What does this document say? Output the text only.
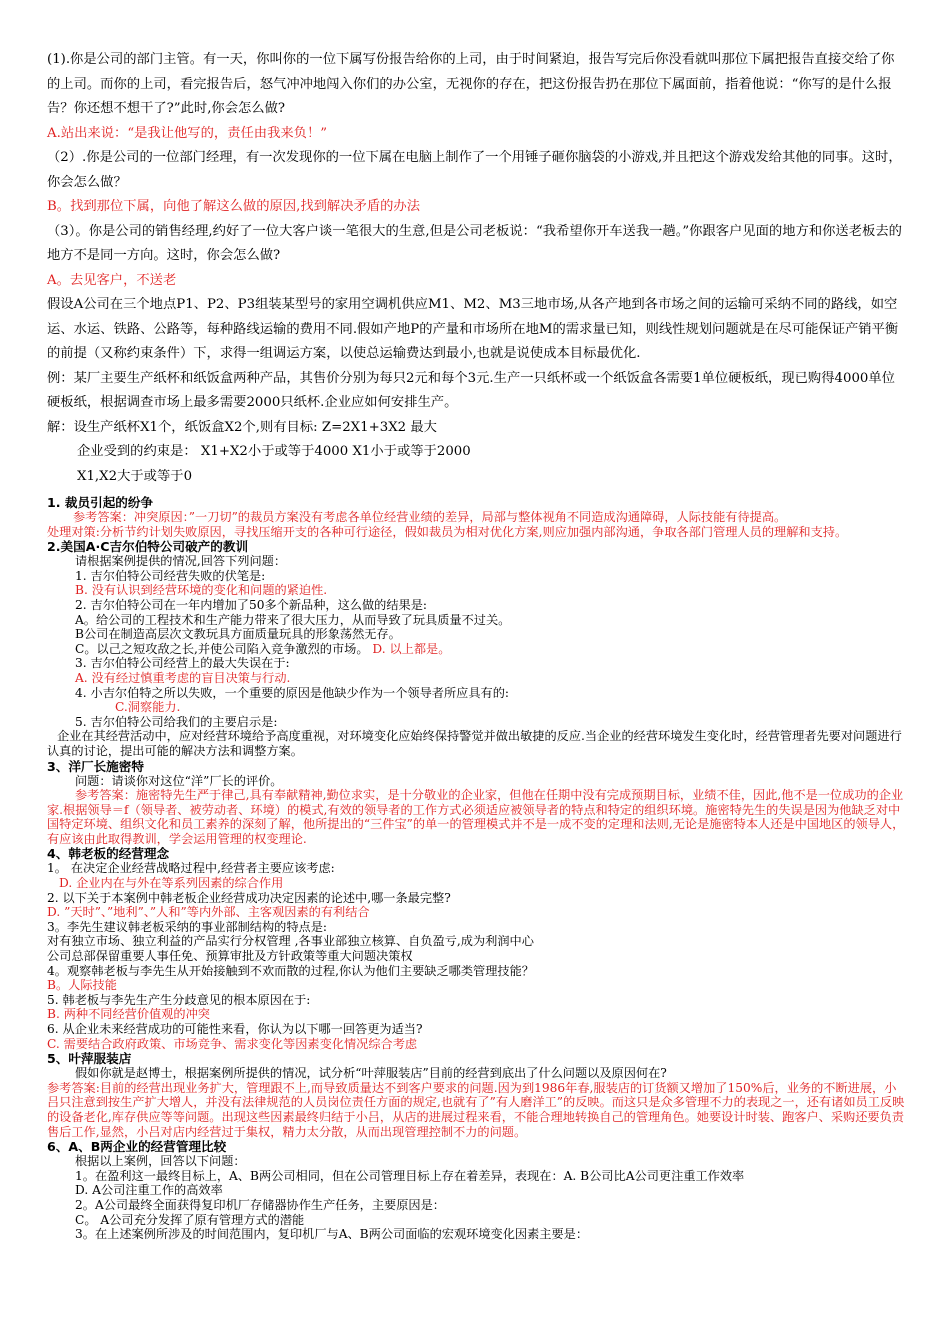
(1).你是公司的部门主管。有一天，你叫你的一位下属写份报告给你的上司，由于时间紧迫，报告写完后你没看就叫那位下属把报告直接交给了你的上司。而你的上司，看完报告后，怒气冲冲地闯入你们的办公室，无视你的存在，把这份报告扔在那位下属面前，指着他说：“你写的是什么报告？你还想不想干了?”此时,你会怎么做?

A.站出来说：“是我让他写的，责任由我来负！”

（2）.你是公司的一位部门经理，有一次发现你的一位下属在电脑上制作了一个用锤子砸你脑袋的小游戏,并且把这个游戏发给其他的同事。这时，你会怎么做？

B。找到那位下属，向他了解这么做的原因,找到解决矛盾的办法

（3）。你是公司的销售经理,约好了一位大客户谈一笔很大的生意,但是公司老板说：“我希望你开车送我一趟。”你跟客户见面的地方和你送老板去的地方不是同一方向。这时，你会怎么做?

A。去见客户，不送老

假设A公司在三个地点P1、P2、P3组装某型号的家用空调机供应M1、M2、M3三地市场,从各产地到各市场之间的运输可采纳不同的路线，如空运、水运、铁路、公路等，每种路线运输的费用不同.假如产地P的产量和市场所在地M的需求量已知，则线性规划问题就是在尽可能保证产销平衡的前提（又称约束条件）下，求得一组调运方案，以使总运输费达到最小,也就是说使成本目标最优化.

例：某厂主要生产纸杯和纸饭盒两种产品，其售价分别为每只2元和每个3元.生产一只纸杯或一个纸饭盒各需要1单位硬板纸，现已购得4000单位硬板纸，根据调查市场上最多需要2000只纸杯.企业应如何安排生产。

解：设生产纸杯X1个，纸饭盒X2个,则有目标: Z=2X1+3X2 最大

企业受到的约束是： X1+X2小于或等于4000 X1小于或等于2000

X1,X2大于或等于0

1. 裁员引起的纷争

参考答案：冲突原因：”一刀切”的裁员方案没有考虑各单位经营业绩的差异，局部与整体视角不同造成沟通障碍，人际技能有待提高。

处理对策:分析节约计划失败原因，寻找压缩开支的各种可行途径，假如裁员为相对优化方案,则应加强内部沟通，争取各部门管理人员的理解和支持。

2.美国A·C吉尔伯特公司破产的教训

请根据案例提供的情况,回答下列问题：

1. 吉尔伯特公司经营失败的伏笔是:

B. 没有认识到经营环境的变化和问题的紧迫性.

2. 吉尔伯特公司在一年内增加了50多个新品种，这么做的结果是:

A。给公司的工程技术和生产能力带来了很大压力，从而导致了玩具质量不过关。

B公司在制造高层次文教玩具方面质量玩具的形象荡然无存。

C。以己之短攻敌之长,并使公司陷入竞争激烈的市场。 D. 以上都是。

3. 吉尔伯特公司经营上的最大失误在于:

A. 没有经过慎重考虑的盲目决策与行动.

4. 小吉尔伯特之所以失败，一个重要的原因是他缺少作为一个领导者所应具有的:

C.洞察能力.

5. 吉尔伯特公司给我们的主要启示是:

企业在其经营活动中，应对经营环境给予高度重视，对环境变化应始终保持警觉并做出敏捷的反应.当企业的经营环境发生变化时，经营管理者先要对问题进行认真的讨论，提出可能的解决方法和调整方案。

3、洋厂长施密特

问题：请谈你对这位“洋”厂长的评价。

参考答案：施密特先生严于律己,具有奉献精神,勤位求实，是十分敬业的企业家，但他在任期中没有完成预期目标，业绩不佳，因此,他不是一位成功的企业家.根据领导＝f（领导者、被劳动者、环境）的模式,有效的领导者的工作方式必须适应被领导者的特点和特定的组织环境。施密特先生的失误是因为他缺乏对中国特定环境、组织文化和员工素养的深刻了解，他所提出的“三件宝”的单一的管理模式并不是一成不变的定理和法则,无论是施密特本人还是中国地区的领导人，有应该由此取得教训，学会运用管理的权变理论.

4、韩老板的经营理念

1。 在决定企业经营战略过程中,经营者主要应该考虑:

D. 企业内在与外在等系列因素的综合作用

2. 以下关于本案例中韩老板企业经营成功决定因素的论述中,哪一条最完整?

D. ”天时”、”地利”、”人和”等内外部、主客观因素的有利结合

3。李先生建议韩老板采纳的事业部制结构的特点是:

对有独立市场、独立利益的产品实行分权管理 ,各事业部独立核算、自负盈亏,成为利润中心

公司总部保留重要人事任免、预算审批及方针政策等重大问题决策权

4。观察韩老板与李先生从开始接触到不欢而散的过程,你认为他们主要缺乏哪类管理技能？

B。人际技能

5. 韩老板与李先生产生分歧意见的根本原因在于:

B. 两种不同经营价值观的冲突

6. 从企业未来经营成功的可能性来看，你认为以下哪一回答更为适当?

C. 需要结合政府政策、市场竞争、需求变化等因素变化情况综合考虑

5、叶萍服装店

假如你就是赵博士，根据案例所提供的情况，试分析“叶萍服装店”目前的经营到底出了什么问题以及原因何在?

参考答案:目前的经营出现业务扩大，管理跟不上,而导致质量达不到客户要求的问题.因为到1986年春,服装店的订货额又增加了150%后，业务的不断进展，小吕只注意到按生产扩大增人，并没有法律规范的人员岗位责任方面的规定,也就有了”有人磨洋工”的反映。而这只是众多管理不力的表现之一，还有诸如员工反映的设备老化,库存供应等等问题。出现这些因素最终归结于小吕，从店的进展过程来看，不能合理地转换自己的管理角色。她要设计时装、跑客户、采购还要负责售后工作,显然，小吕对店内经营过于集权，精力太分散，从而出现管理控制不力的问题。

6、A、B两企业的经营管理比较

根据以上案例，回答以下问题：

1。在盈利这一最终目标上，A、B两公司相同，但在公司管理目标上存在着差异，表现在：A. B公司比A公司更注重工作效率

D. A公司注重工作的高效率

2。A公司最终全面获得复印机厂存储器协作生产任务，主要原因是：

C。 A公司充分发挥了原有管理方式的潜能

3。在上述案例所涉及的时间范围内，复印机厂与A、B两公司面临的宏观环境变化因素主要是：
